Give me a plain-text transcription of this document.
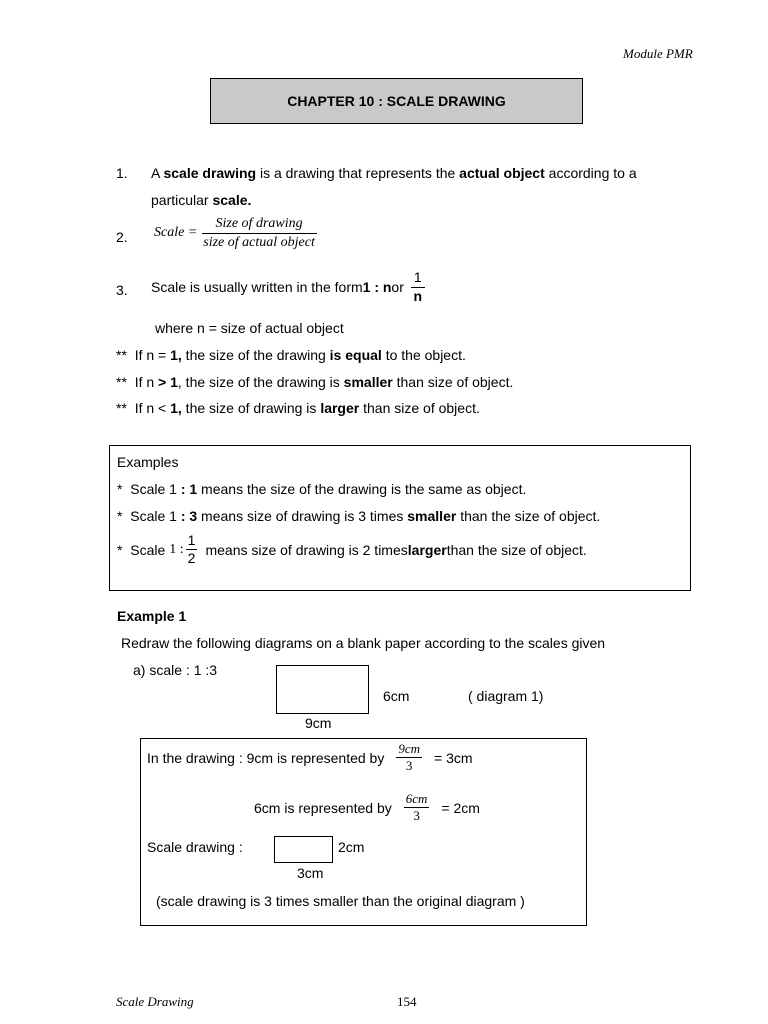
Module PMR
CHAPTER 10 : SCALE DRAWING
1. A scale drawing is a drawing that represents the actual object according to a
particular scale.
2. Scale = $\frac{\text{Size of drawing}}{\text{size of actual object}}$
3. Scale is usually written in the form 1 : n or $\frac{1}{n}$
where n = size of actual object
** If n = 1, the size of the drawing is equal to the object.
** If n > 1, the size of the drawing is smaller than size of object.
** If n < 1, the size of drawing is larger than size of object.
Examples
* Scale 1 : 1 means the size of the drawing is the same as object.
* Scale 1 : 3 means size of drawing is 3 times smaller than the size of object.
*
Scale 1 : $\frac{1}{2}$ means size of drawing is 2 times larger than the size of object.
Example 1
Redraw the following diagrams on a blank paper according to the scales given
a) scale : 1 :3
6cm	( diagram 1)
9cm
In the drawing : 9cm is represented by $\frac{9cm}{3} = 3cm$
6cm is represented by $\frac{6cm}{3} = 2cm$
Scale drawing :	2cm
3cm
(scale drawing is 3 times smaller than the original diagram )
Scale Drawing	154
